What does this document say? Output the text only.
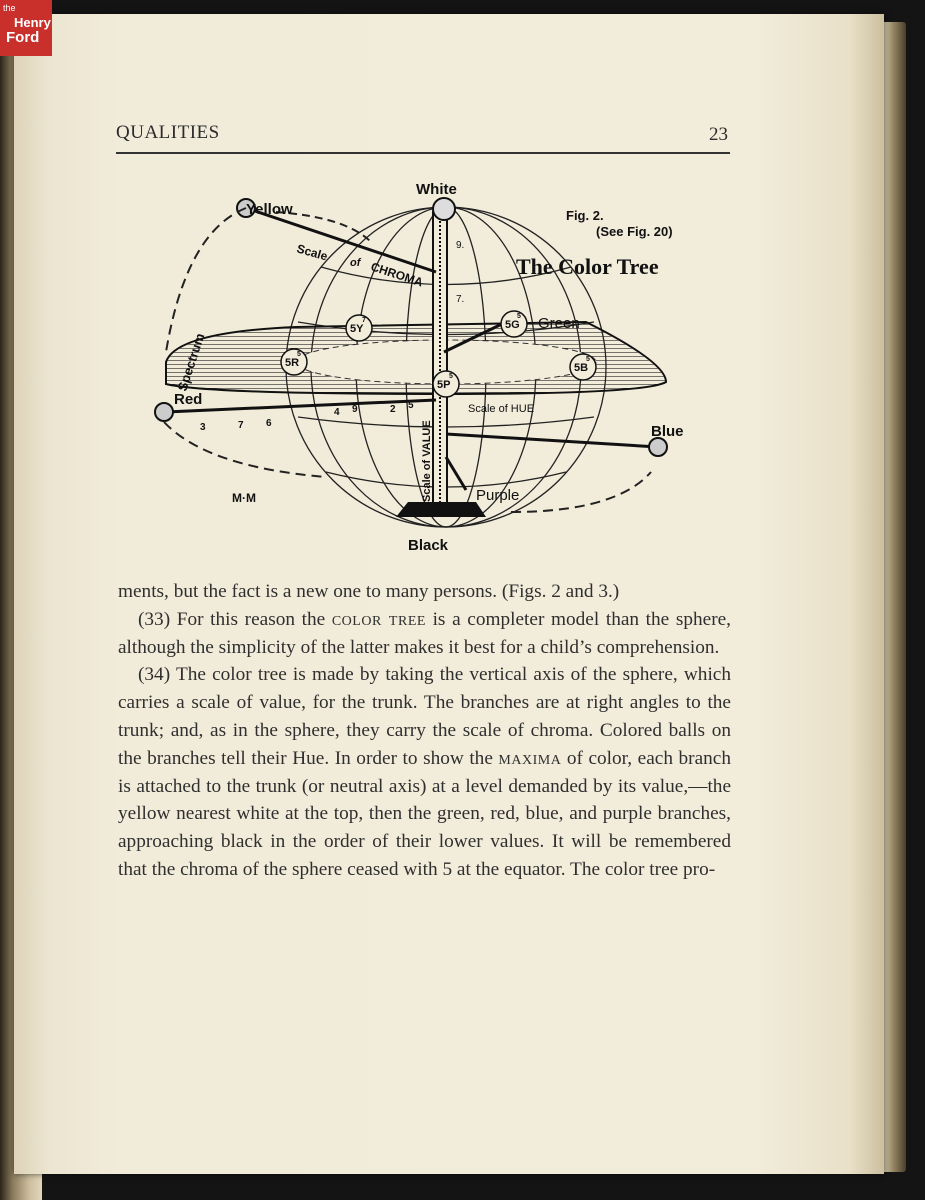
the
Henry
Ford
QUALITIES	23
White
Yellow
Scale of CHROMA
Fig. 2.
(See Fig. 20)
The Color Tree
Spectrum
Red
Green
Blue
Purple
Black
Scale of HUE
Scale of VALUE
M·M
5Y
5R
5G
5B
5P
7
5
5
5
5
9.
7.
3	7 6
4	2
9	5

ments, but the fact is a new one to many persons. (Figs. 2 and 3.)

(33) For this reason the color tree is a completer model than the sphere, although the simplicity of the latter makes it best for a child’s comprehension.

(34) The color tree is made by taking the vertical axis of the sphere, which carries a scale of value, for the trunk. The branches are at right angles to the trunk; and, as in the sphere, they carry the scale of chroma. Colored balls on the branches tell their Hue. In order to show the maxima of color, each branch is attached to the trunk (or neutral axis) at a level demanded by its value,—the yellow nearest white at the top, then the green, red, blue, and purple branches, approaching black in the order of their lower values. It will be remembered that the chroma of the sphere ceased with 5 at the equator. The color tree pro-
